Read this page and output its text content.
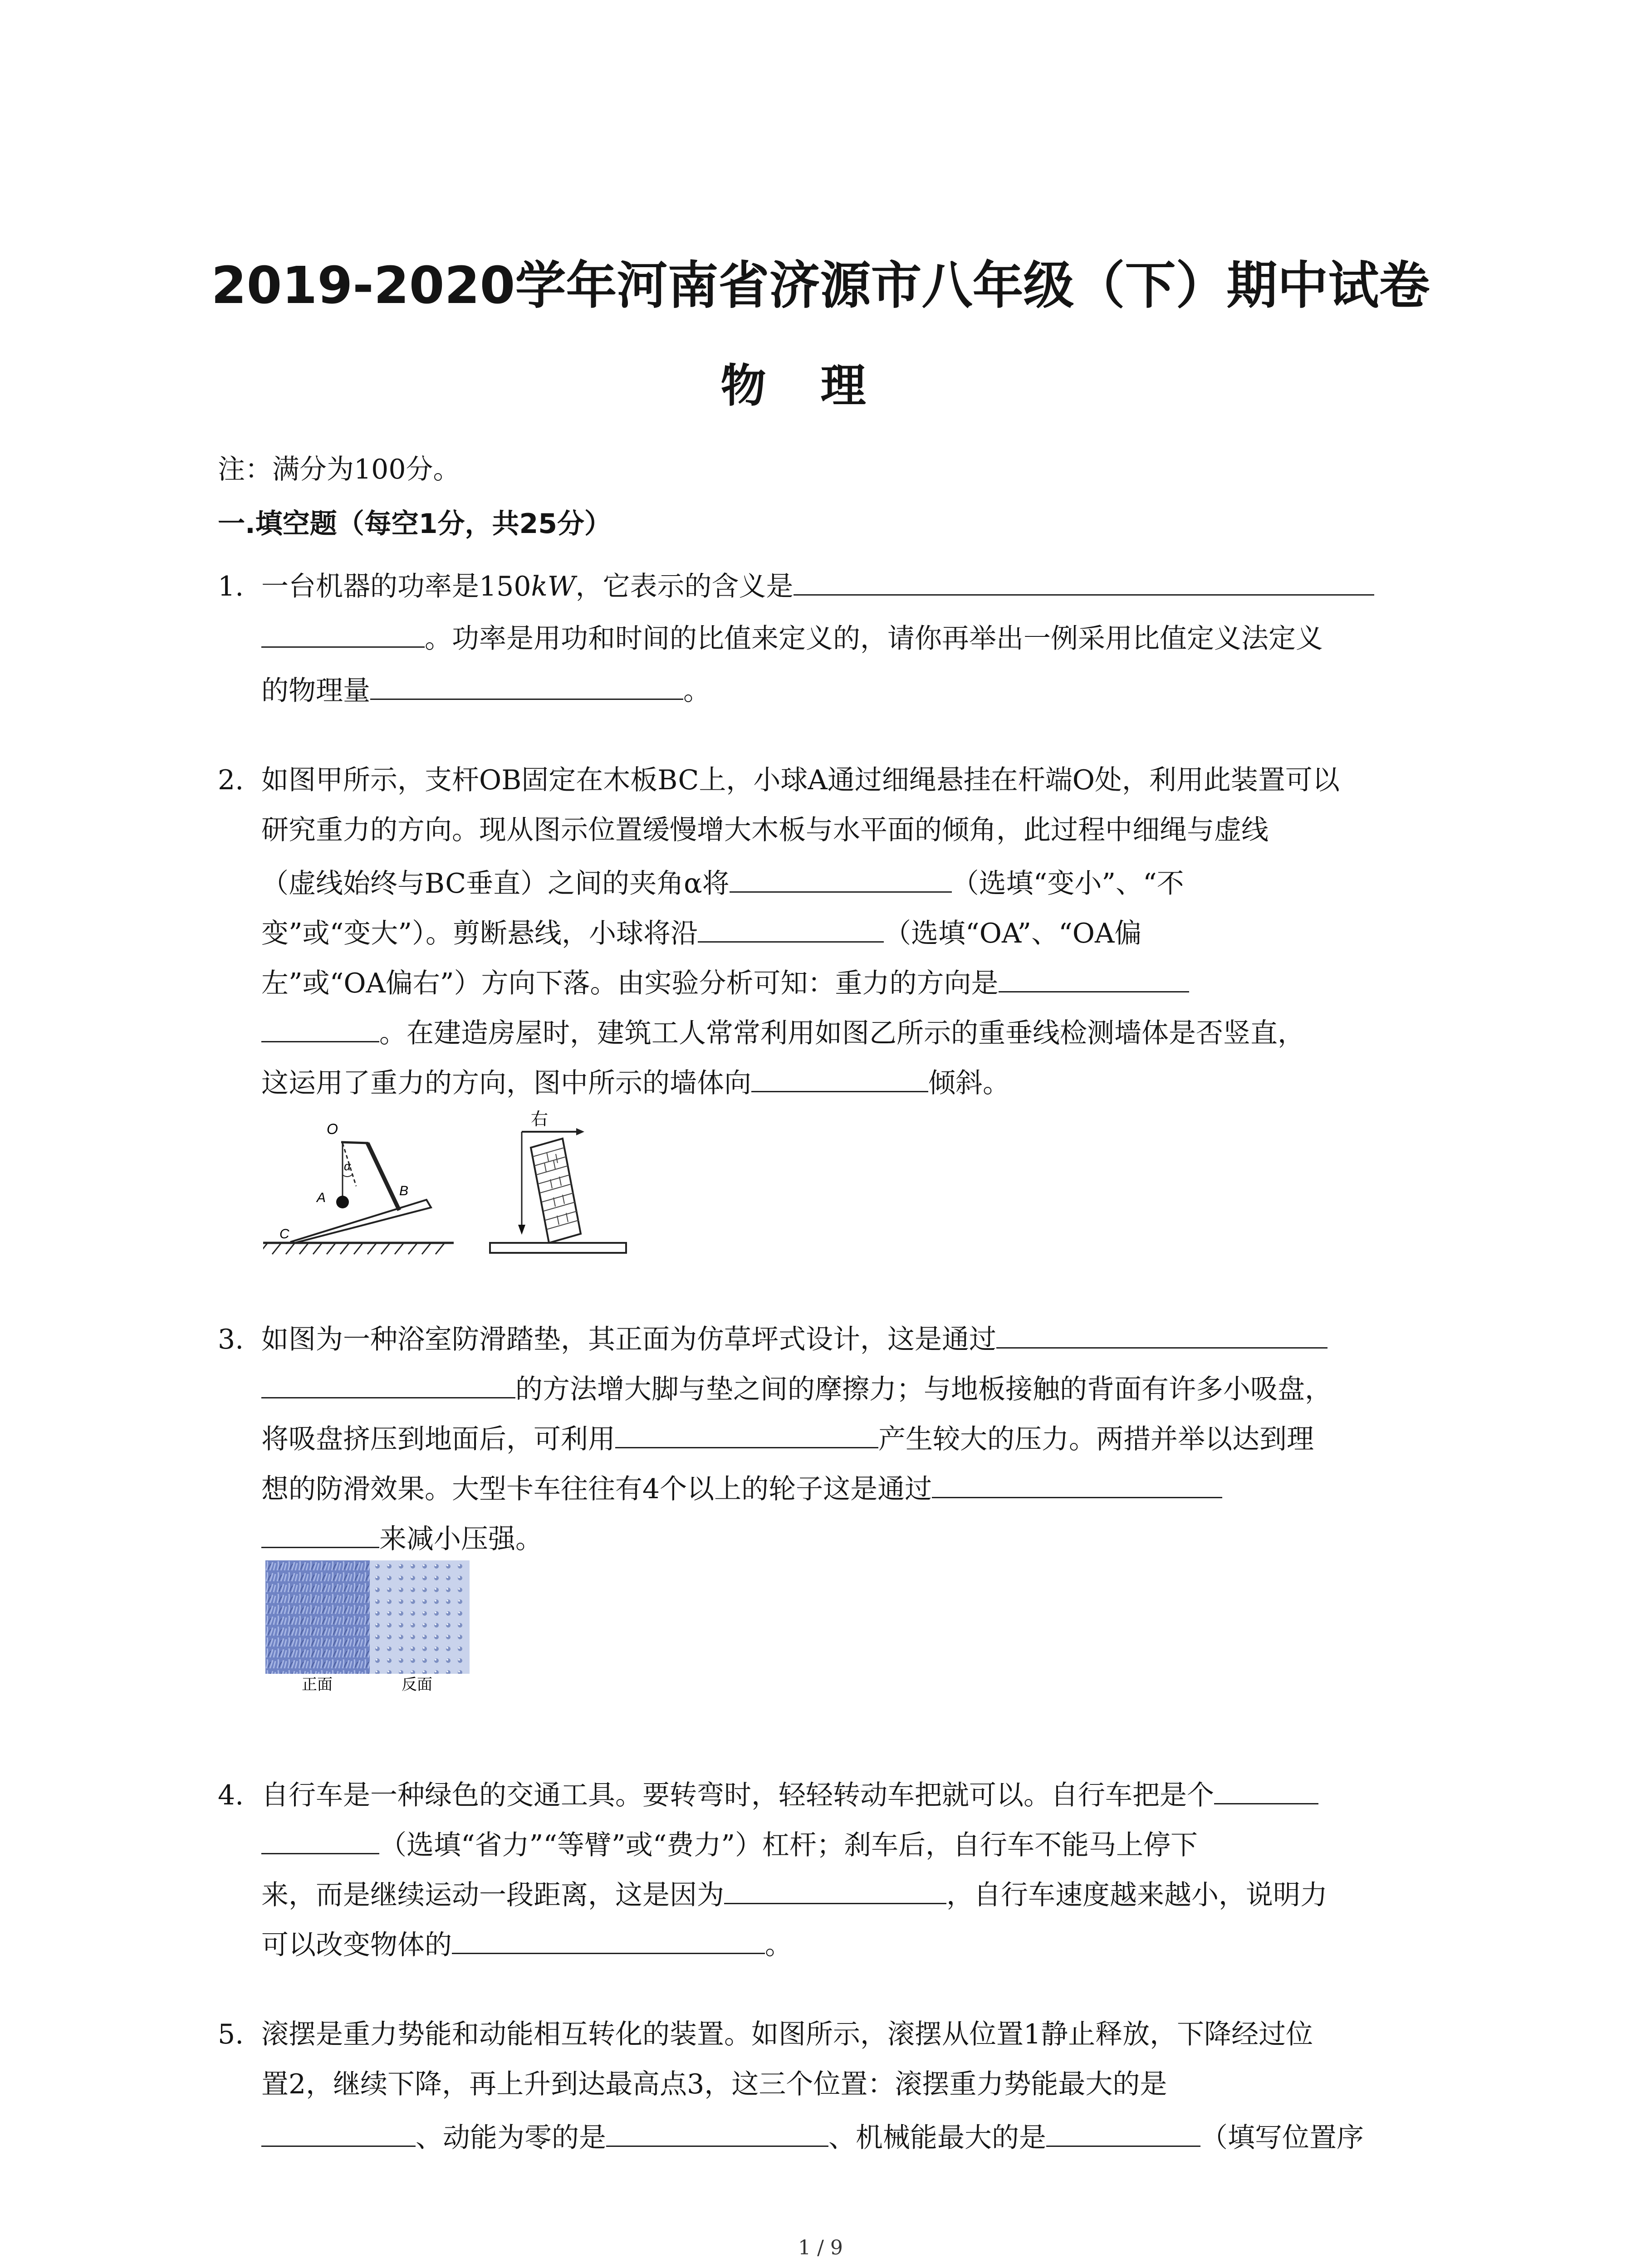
2019-2020学年河南省济源市八年级（下）期中试卷
物理
注：满分为100分。
一.填空题（每空1分，共25分）
1. 一台机器的功率是150kW，它表示的含义是
。功率是用功和时间的比值来定义的，请你再举出一例采用比值定义法定义
的物理量	。
2. 如图甲所示，支杆OB固定在木板BC上，小球A通过细绳悬挂在杆端O处，利用此装置可以
研究重力的方向。现从图示位置缓慢增大木板与水平面的倾角，此过程中细绳与虚线
（虚线始终与BC垂直）之间的夹角α将	（选填“变小”、“不
变”或“变大”）。剪断悬线，小球将沿	（选填“OA”、“OA偏
左”或“OA偏右”）方向下落。由实验分析可知：重力的方向是
。在建造房屋时，建筑工人常常利用如图乙所示的重垂线检测墙体是否竖直，
这运用了重力的方向，图中所示的墙体向	倾斜。
O
α
A	B
C
右
3. 如图为一种浴室防滑踏垫，其正面为仿草坪式设计，这是通过
的方法增大脚与垫之间的摩擦力；与地板接触的背面有许多小吸盘，
将吸盘挤压到地面后，可利用	产生较大的压力。两措并举以达到理
想的防滑效果。大型卡车往往有4个以上的轮子这是通过
来减小压强。
正面	反面
4. 自行车是一种绿色的交通工具。要转弯时，轻轻转动车把就可以。自行车把是个
（选填“省力”“等臂”或“费力”）杠杆；刹车后，自行车不能马上停下
来，而是继续运动一段距离，这是因为	，自行车速度越来越小，说明力
可以改变物体的	。
5. 滚摆是重力势能和动能相互转化的装置。如图所示，滚摆从位置1静止释放，下降经过位
置2，继续下降，再上升到达最高点3，这三个位置：滚摆重力势能最大的是
、动能为零的是	、机械能最大的是	（填写位置序
1 / 9
